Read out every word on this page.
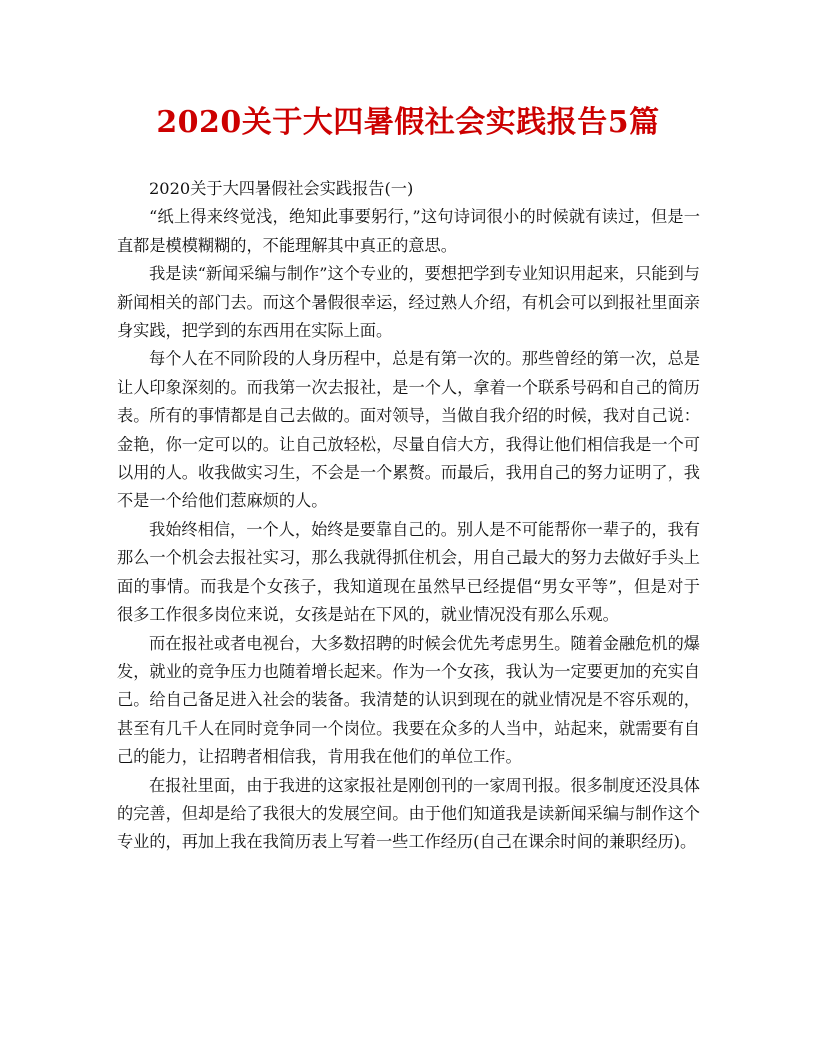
2020关于大四暑假社会实践报告5篇

2020关于大四暑假社会实践报告(一)

“纸上得来终觉浅，绝知此事要躬行，”这句诗词很小的时候就有读过，但是一直都是模模糊糊的，不能理解其中真正的意思。

我是读“新闻采编与制作”这个专业的，要想把学到专业知识用起来，只能到与新闻相关的部门去。而这个暑假很幸运，经过熟人介绍，有机会可以到报社里面亲身实践，把学到的东西用在实际上面。

每个人在不同阶段的人身历程中，总是有第一次的。那些曾经的第一次，总是让人印象深刻的。而我第一次去报社，是一个人，拿着一个联系号码和自己的简历表。所有的事情都是自己去做的。面对领导，当做自我介绍的时候，我对自己说：金艳，你一定可以的。让自己放轻松，尽量自信大方，我得让他们相信我是一个可以用的人。收我做实习生，不会是一个累赘。而最后，我用自己的努力证明了，我不是一个给他们惹麻烦的人。

我始终相信，一个人，始终是要靠自己的。别人是不可能帮你一辈子的，我有那么一个机会去报社实习，那么我就得抓住机会，用自己最大的努力去做好手头上面的事情。而我是个女孩子，我知道现在虽然早已经提倡“男女平等”，但是对于很多工作很多岗位来说，女孩是站在下风的，就业情况没有那么乐观。

而在报社或者电视台，大多数招聘的时候会优先考虑男生。随着金融危机的爆发，就业的竞争压力也随着增长起来。作为一个女孩，我认为一定要更加的充实自己。给自己备足进入社会的装备。我清楚的认识到现在的就业情况是不容乐观的，甚至有几千人在同时竞争同一个岗位。我要在众多的人当中，站起来，就需要有自己的能力，让招聘者相信我，肯用我在他们的单位工作。

在报社里面，由于我进的这家报社是刚创刊的一家周刊报。很多制度还没具体的完善，但却是给了我很大的发展空间。由于他们知道我是读新闻采编与制作这个专业的，再加上我在我简历表上写着一些工作经历(自己在课余时间的兼职经历)。
